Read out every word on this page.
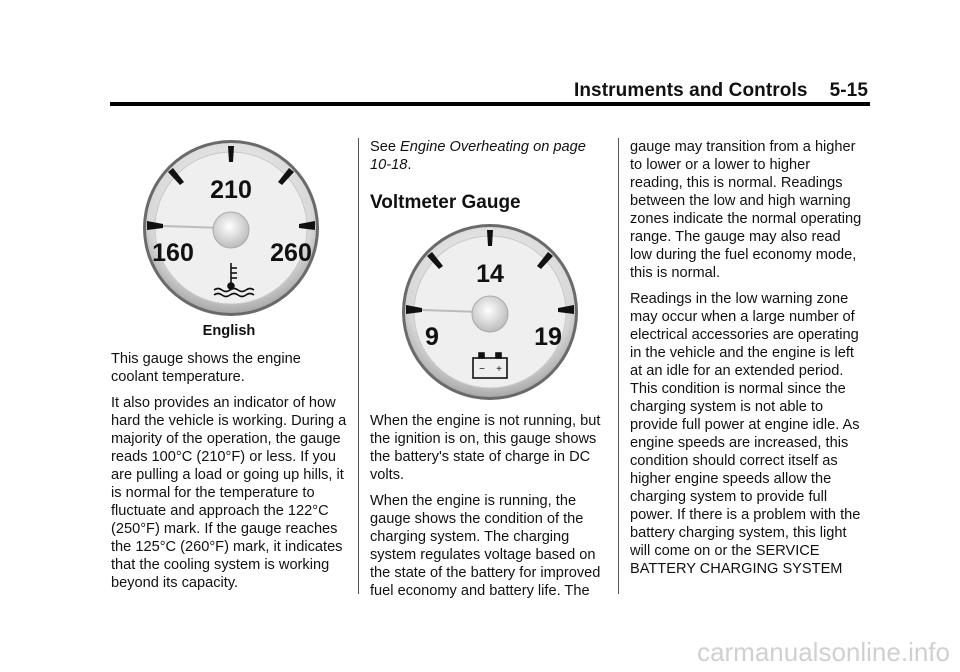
Instruments and Controls 5-15
210
160	260
English

This gauge shows the engine coolant temperature.

It also provides an indicator of how hard the vehicle is working. During a majority of the operation, the gauge reads 100°C (210°F) or less. If you are pulling a load or going up hills, it is normal for the temperature to fluctuate and approach the 122°C (250°F) mark. If the gauge reaches the 125°C (260°F) mark, it indicates that the cooling system is working beyond its capacity.

See Engine Overheating on page 10-18.

Voltmeter Gauge
14
9	19
− +

When the engine is not running, but the ignition is on, this gauge shows the battery's state of charge in DC volts.

When the engine is running, the gauge shows the condition of the charging system. The charging system regulates voltage based on the state of the battery for improved fuel economy and battery life. The

gauge may transition from a higher to lower or a lower to higher reading, this is normal. Readings between the low and high warning zones indicate the normal operating range. The gauge may also read low during the fuel economy mode, this is normal.

Readings in the low warning zone may occur when a large number of electrical accessories are operating in the vehicle and the engine is left at an idle for an extended period. This condition is normal since the charging system is not able to provide full power at engine idle. As engine speeds are increased, this condition should correct itself as higher engine speeds allow the charging system to provide full power. If there is a problem with the battery charging system, this light will come on or the SERVICE BATTERY CHARGING SYSTEM

carmanualsonline.info
